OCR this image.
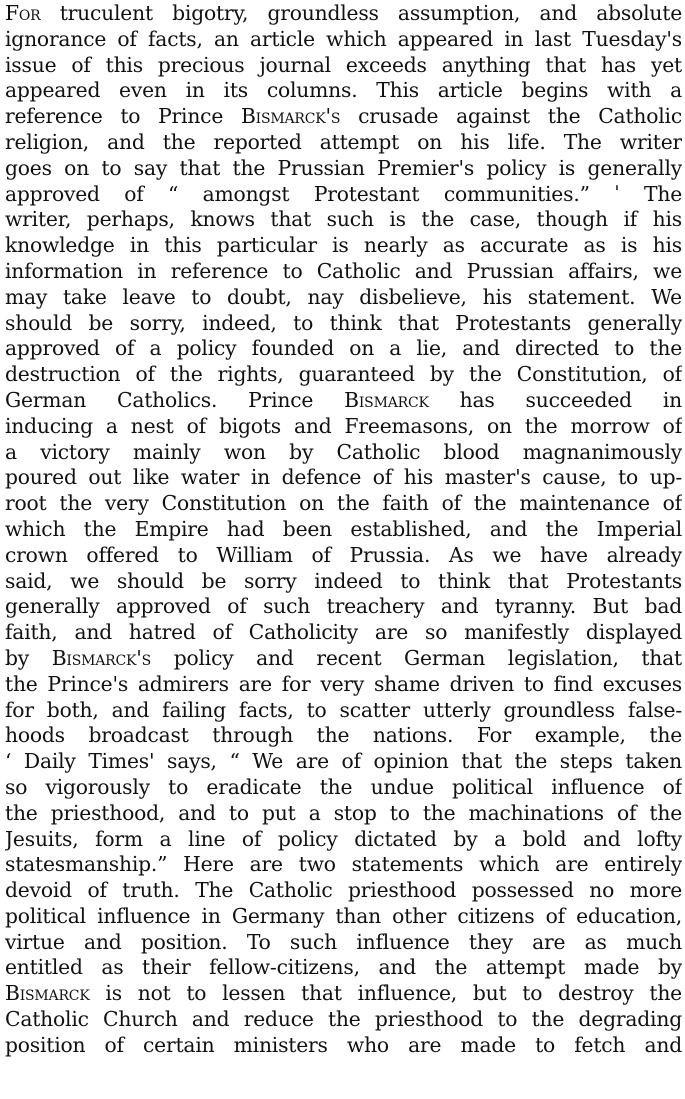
For truculent bigotry, groundless assumption, and absolute
ignorance of facts, an article which appeared in last Tuesday's
issue of this precious journal exceeds anything that has yet
appeared even in its columns. This article begins with a
reference to Prince Bismarck's crusade against the Catholic
religion, and the reported attempt on his life. The writer
goes on to say that the Prussian Premier's policy is generally
approved of “ amongst Protestant communities.” ˈ The
writer, perhaps, knows that such is the case, though if his
knowledge in this particular is nearly as accurate as is his
information in reference to Catholic and Prussian affairs, we
may take leave to doubt, nay disbelieve, his statement. We
should be sorry, indeed, to think that Protestants generally
approved of a policy founded on a lie, and directed to the
destruction of the rights, guaranteed by the Constitution, of
German Catholics. Prince Bismarck has succeeded in
inducing a nest of bigots and Freemasons, on the morrow of
a victory mainly won by Catholic blood magnanimously
poured out like water in defence of his master's cause, to up-
root the very Constitution on the faith of the maintenance of
which the Empire had been established, and the Imperial
crown offered to William of Prussia. As we have already
said, we should be sorry indeed to think that Protestants
generally approved of such treachery and tyranny. But bad
faith, and hatred of Catholicity are so manifestly displayed
by Bismarck's policy and recent German legislation, that
the Prince's admirers are for very shame driven to find excuses
for both, and failing facts, to scatter utterly groundless false-
hoods broadcast through the nations. For example, the
‘ Daily Times' says, “ We are of opinion that the steps taken
so vigorously to eradicate the undue political influence of
the priesthood, and to put a stop to the machinations of the
Jesuits, form a line of policy dictated by a bold and lofty
statesmanship.” Here are two statements which are entirely
devoid of truth. The Catholic priesthood possessed no more
political influence in Germany than other citizens of education,
virtue and position. To such influence they are as much
entitled as their fellow-citizens, and the attempt made by
Bismarck is not to lessen that influence, but to destroy the
Catholic Church and reduce the priesthood to the degrading
position of certain ministers who are made to fetch and
